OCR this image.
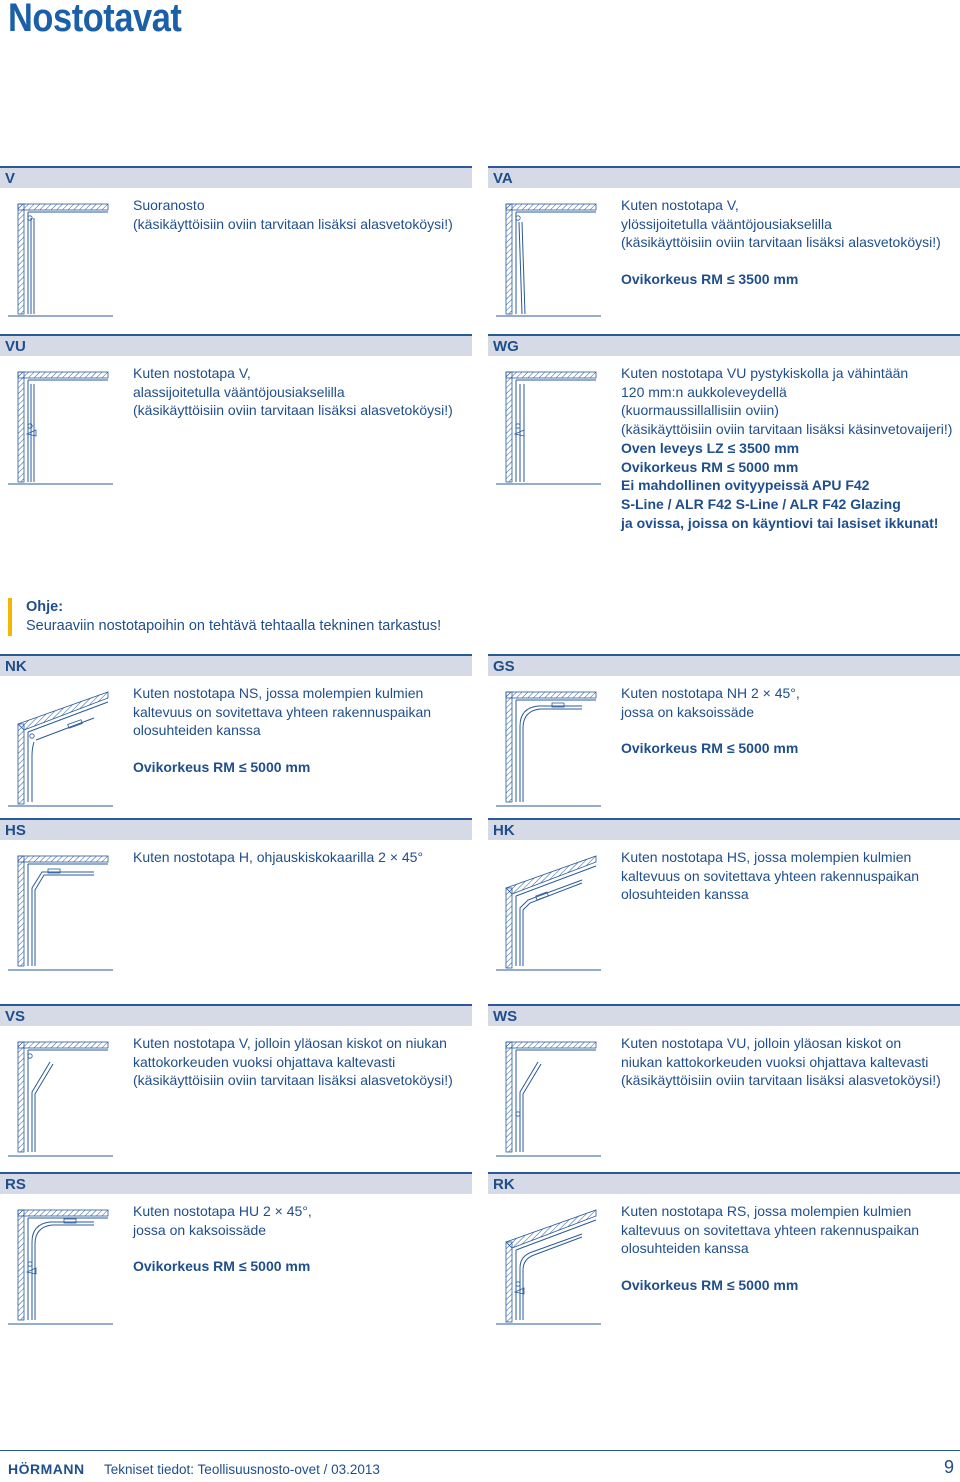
Nostotavat
V

Suoranosto

(käsikäyttöisiin oviin tarvitaan lisäksi alasvetoköysi!)

VA

Kuten nostotapa V,

ylössijoitetulla vääntöjousiakselilla

(käsikäyttöisiin oviin tarvitaan lisäksi alasvetoköysi!)

Ovikorkeus RM ≤ 3500 mm

VU

Kuten nostotapa V,

alassijoitetulla vääntöjousiakselilla

(käsikäyttöisiin oviin tarvitaan lisäksi alasvetoköysi!)

WG

Kuten nostotapa VU pystykiskolla ja vähintään

120 mm:n aukkoleveydellä

(kuormaussillallisiin oviin)

(käsikäyttöisiin oviin tarvitaan lisäksi käsinvetovaijeri!)

Oven leveys LZ ≤ 3500 mm

Ovikorkeus RM ≤ 5000 mm

Ei mahdollinen ovityypeissä APU F42

S-Line / ALR F42 S-Line / ALR F42 Glazing

ja ovissa, joissa on käyntiovi tai lasiset ikkunat!

Ohje:
Seuraaviin nostotapoihin on tehtävä tehtaalla tekninen tarkastus!
NK

Kuten nostotapa NS, jossa molempien kulmien

kaltevuus on sovitettava yhteen rakennuspaikan

olosuhteiden kanssa

Ovikorkeus RM ≤ 5000 mm

GS

Kuten nostotapa NH 2 × 45°,

jossa on kaksoissäde

Ovikorkeus RM ≤ 5000 mm

HS

Kuten nostotapa H, ohjauskiskokaarilla 2 × 45°

HK

Kuten nostotapa HS, jossa molempien kulmien

kaltevuus on sovitettava yhteen rakennuspaikan

olosuhteiden kanssa

VS

Kuten nostotapa V, jolloin yläosan kiskot on niukan

kattokorkeuden vuoksi ohjattava kaltevasti

(käsikäyttöisiin oviin tarvitaan lisäksi alasvetoköysi!)

WS

Kuten nostotapa VU, jolloin yläosan kiskot on

niukan kattokorkeuden vuoksi ohjattava kaltevasti

(käsikäyttöisiin oviin tarvitaan lisäksi alasvetoköysi!)

RS

Kuten nostotapa HU 2 × 45°,

jossa on kaksoissäde

Ovikorkeus RM ≤ 5000 mm

RK

Kuten nostotapa RS, jossa molempien kulmien

kaltevuus on sovitettava yhteen rakennuspaikan

olosuhteiden kanssa

Ovikorkeus RM ≤ 5000 mm

HÖRMANN Tekniset tiedot: Teollisuusnosto-ovet / 03.2013	9
